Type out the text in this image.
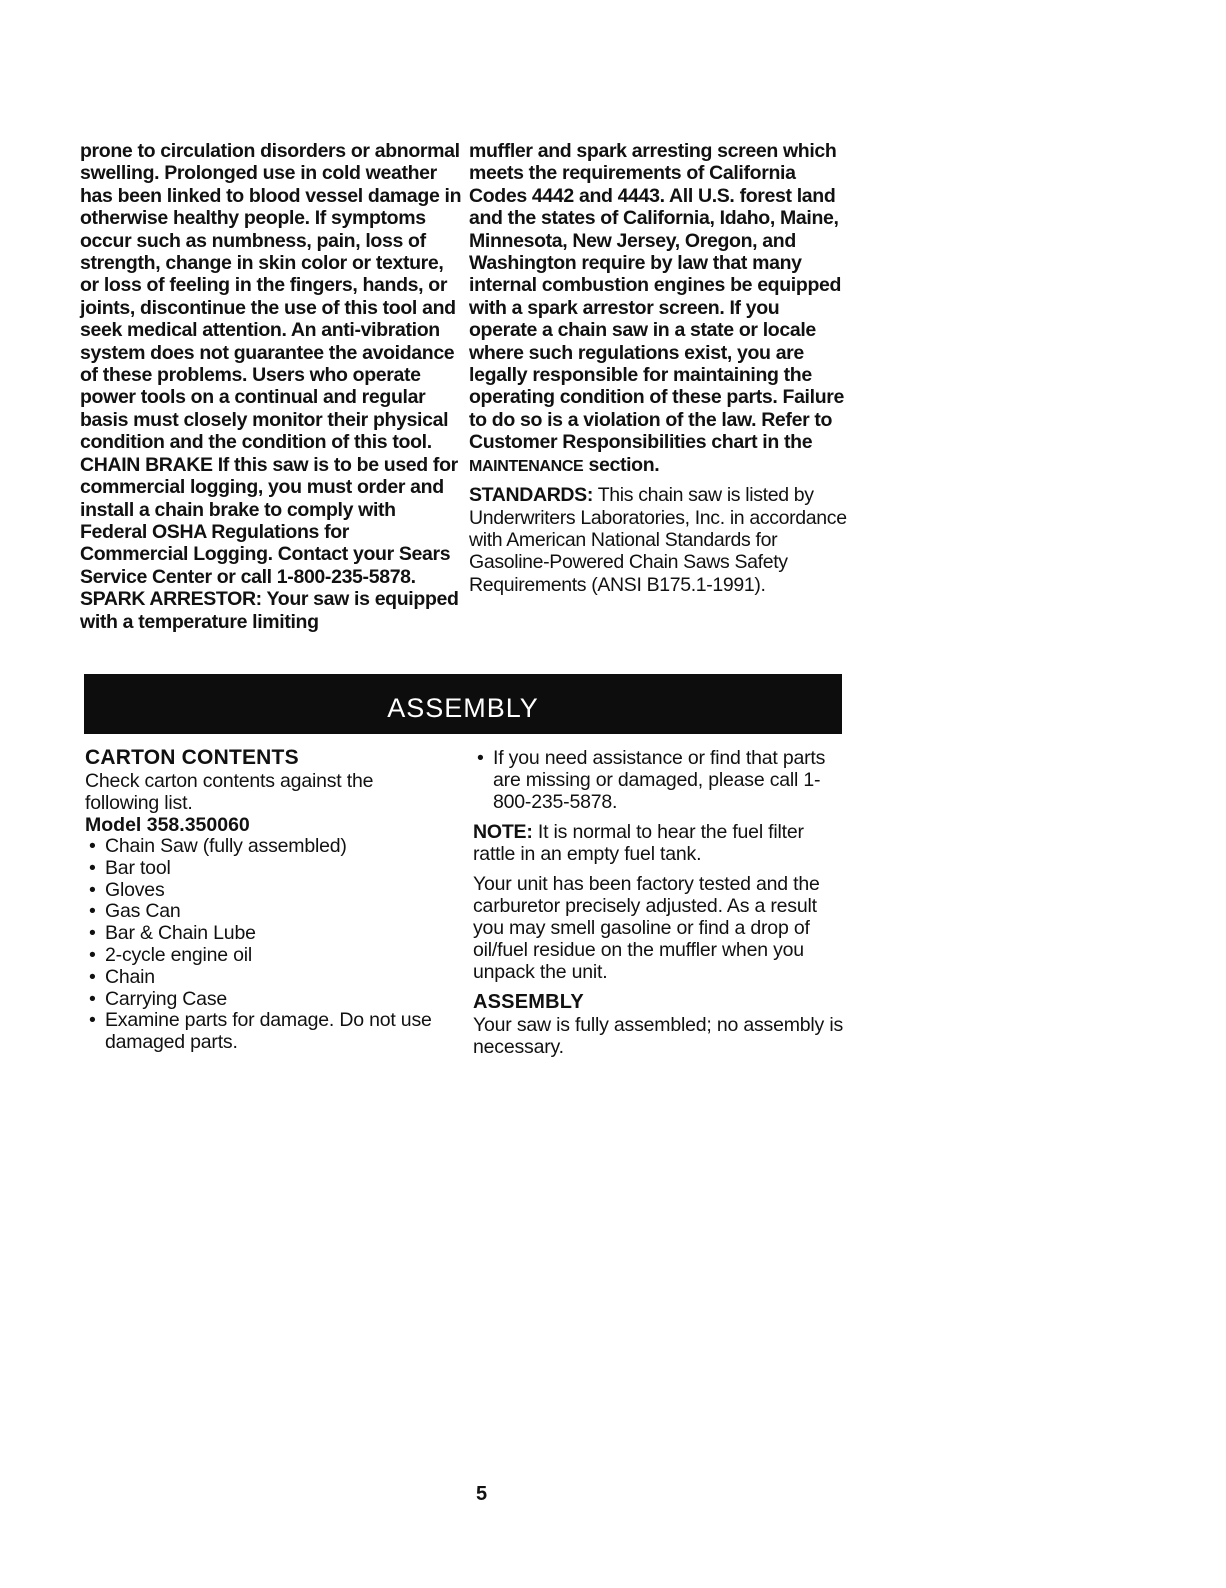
prone to circulation disorders or abnormal swelling. Prolonged use in cold weather has been linked to blood vessel damage in otherwise healthy people. If symptoms occur such as numbness, pain, loss of strength, change in skin color or texture, or loss of feeling in the fingers, hands, or joints, discontinue the use of this tool and seek medical attention. An anti-vibration system does not guarantee the avoidance of these problems. Users who operate power tools on a continual and regular basis must closely monitor their physical condition and the condition of this tool.

CHAIN BRAKE If this saw is to be used for commercial logging, you must order and install a chain brake to comply with Federal OSHA Regulations for Commercial Logging. Contact your Sears Service Center or call 1-800-235-5878.

SPARK ARRESTOR: Your saw is equipped with a temperature limiting

muffler and spark arresting screen which meets the requirements of California Codes 4442 and 4443. All U.S. forest land and the states of California, Idaho, Maine, Minnesota, New Jersey, Oregon, and Washington require by law that many internal combustion engines be equipped with a spark arrestor screen. If you operate a chain saw in a state or locale where such regulations exist, you are legally responsible for maintaining the operating condition of these parts. Failure to do so is a violation of the law. Refer to Customer Responsibilities chart in the MAINTENANCE section.

STANDARDS: This chain saw is listed by Underwriters Laboratories, Inc. in accordance with American National Standards for Gasoline-Powered Chain Saws Safety Requirements (ANSI B175.1-1991).

ASSEMBLY

CARTON CONTENTS

Check carton contents against the following list.

Model 358.350060

• Chain Saw (fully assembled)
• Bar tool
• Gloves
• Gas Can
• Bar & Chain Lube
• 2-cycle engine oil
• Chain
• Carrying Case
• Examine parts for damage. Do not use damaged parts.
• If you need assistance or find that parts are missing or damaged, please call 1-800-235-5878.

NOTE: It is normal to hear the fuel filter rattle in an empty fuel tank.

Your unit has been factory tested and the carburetor precisely adjusted. As a result you may smell gasoline or find a drop of oil/fuel residue on the muffler when you unpack the unit.

ASSEMBLY

Your saw is fully assembled; no assembly is necessary.

5
